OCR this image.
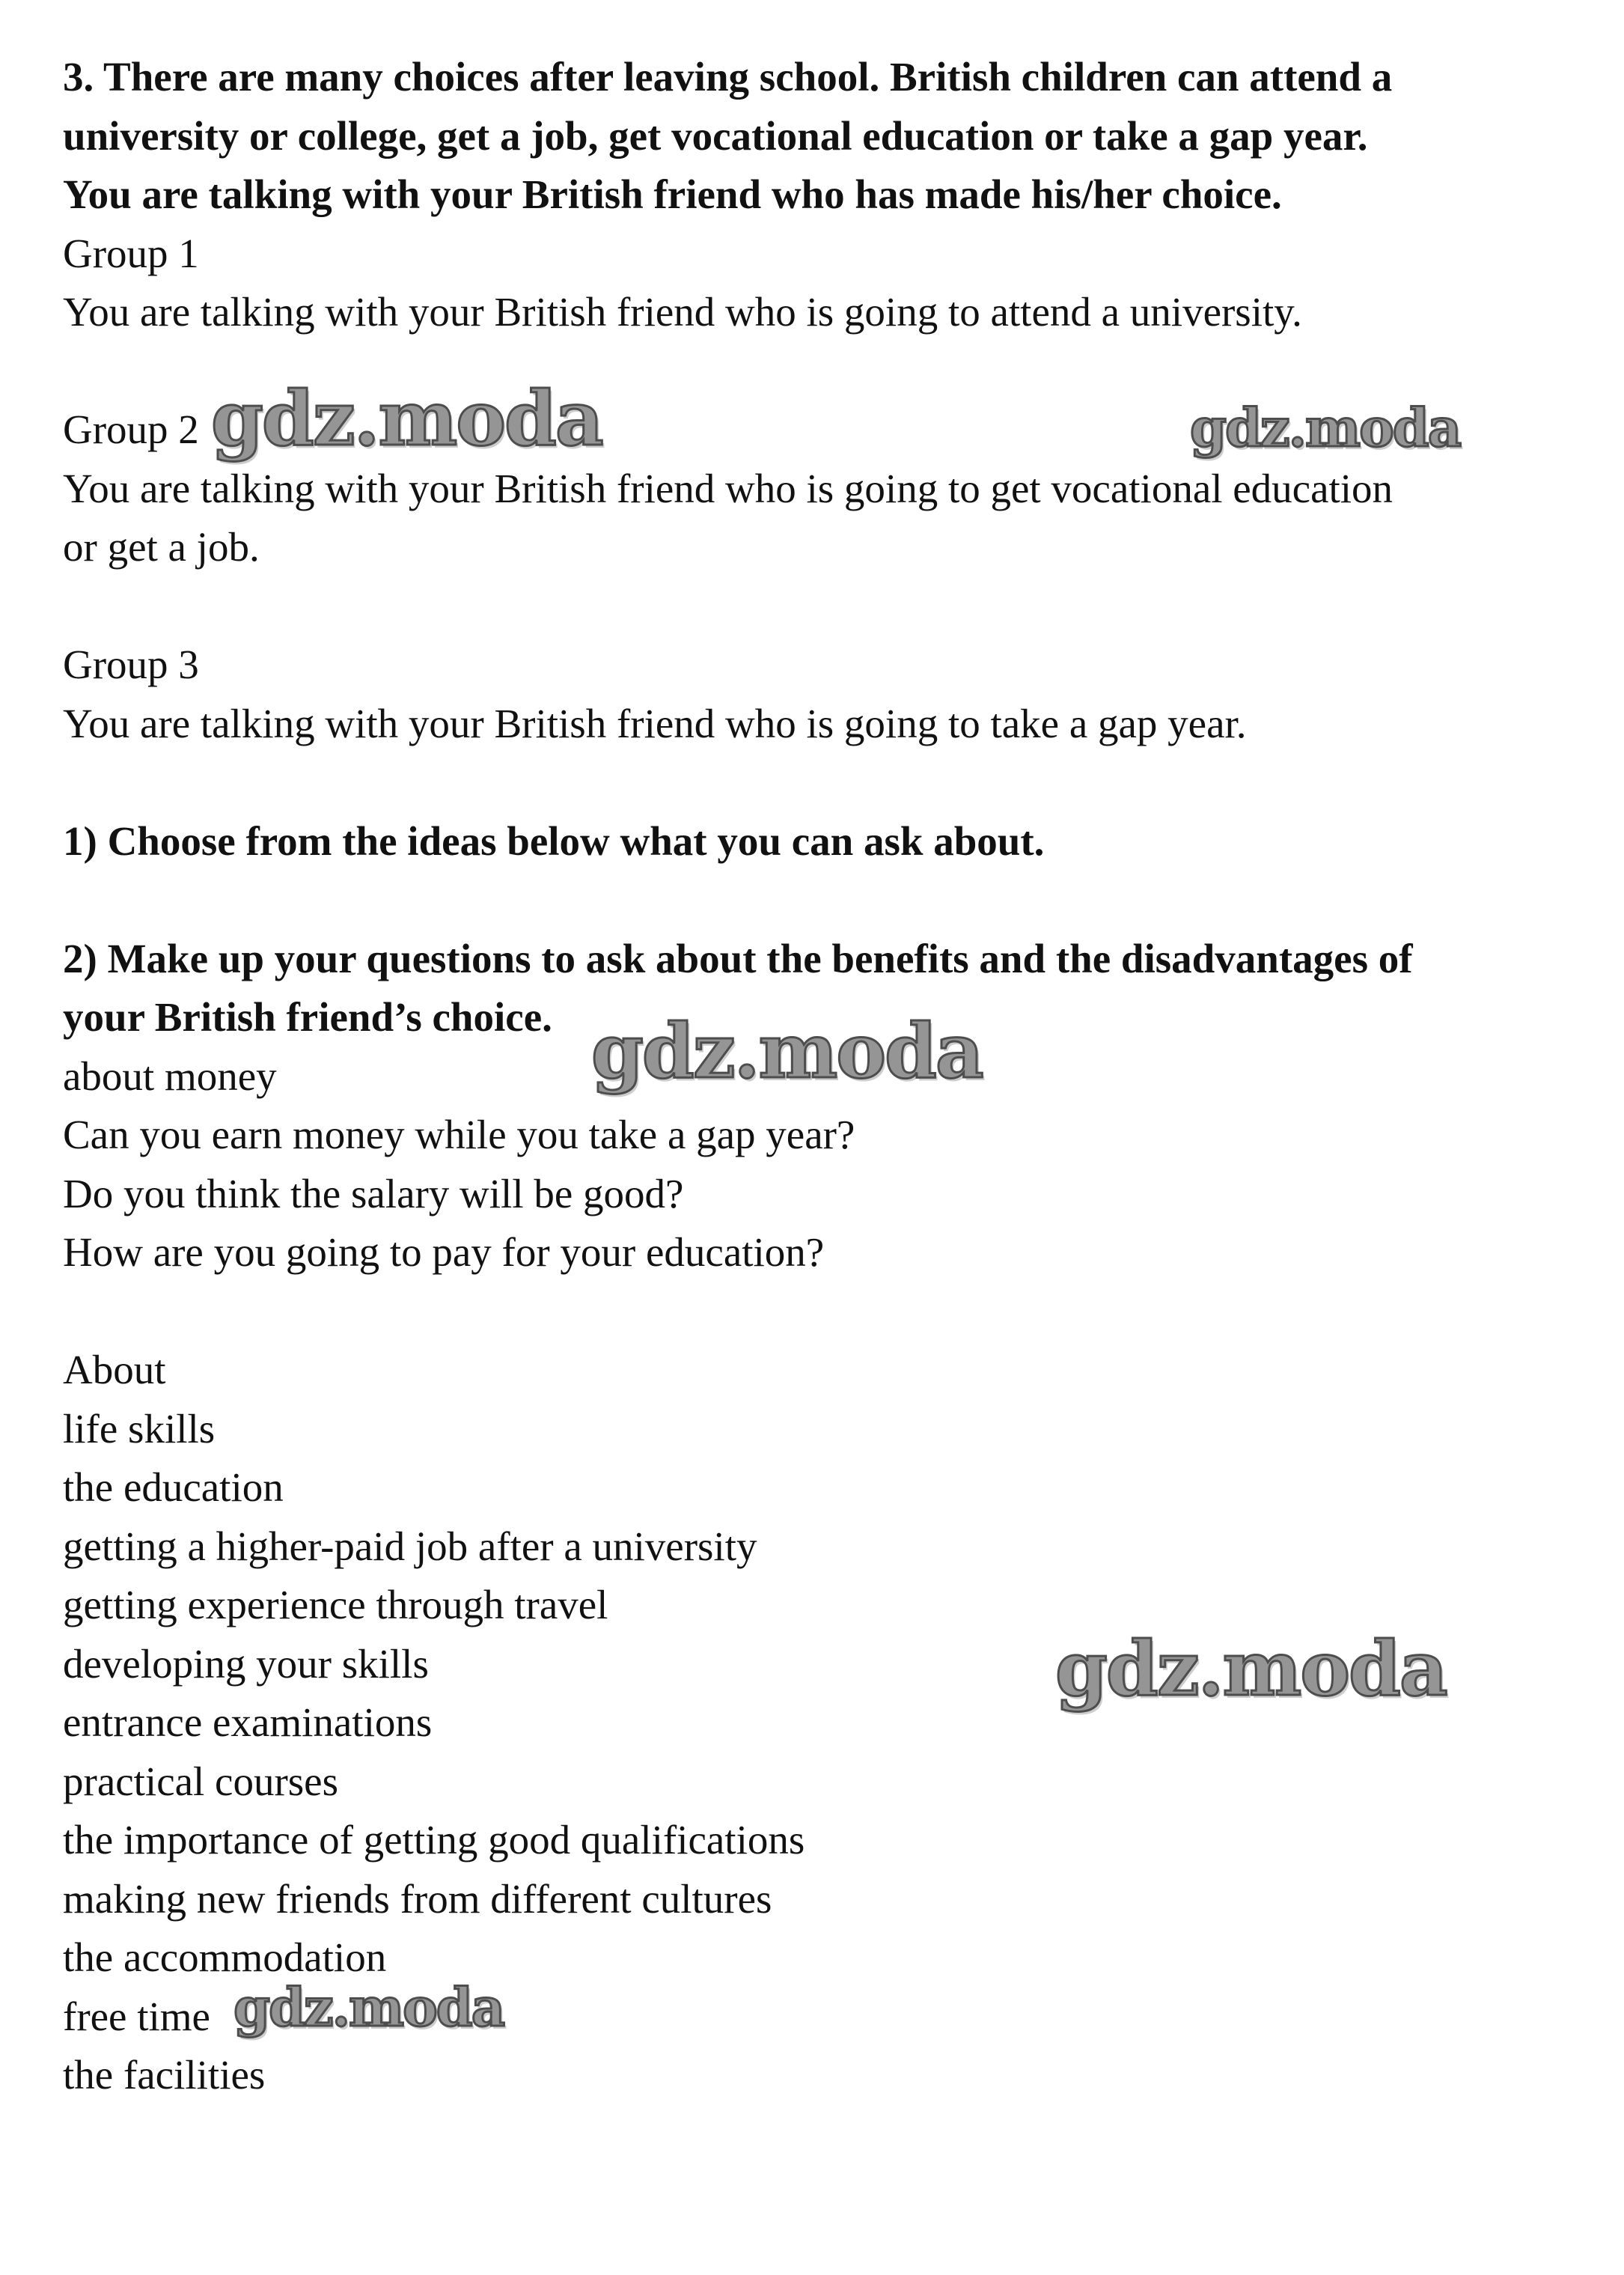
3. There are many choices after leaving school. British children can attend a
university or college, get a job, get vocational education or take a gap year.
You are talking with your British friend who has made his/her choice.
Group 1
You are talking with your British friend who is going to attend a university.
Group 2
You are talking with your British friend who is going to get vocational education
or get a job.
Group 3
You are talking with your British friend who is going to take a gap year.
1) Choose from the ideas below what you can ask about.
2) Make up your questions to ask about the benefits and the disadvantages of
your British friend’s choice.
about money
Can you earn money while you take a gap year?
Do you think the salary will be good?
How are you going to pay for your education?
About
life skills
the education
getting a higher-paid job after a university
getting experience through travel
developing your skills
entrance examinations
practical courses
the importance of getting good qualifications
making new friends from different cultures
the accommodation
free time
the facilities
gdz.moda	gdz.moda
gdz.moda
gdz.moda
gdz.moda
